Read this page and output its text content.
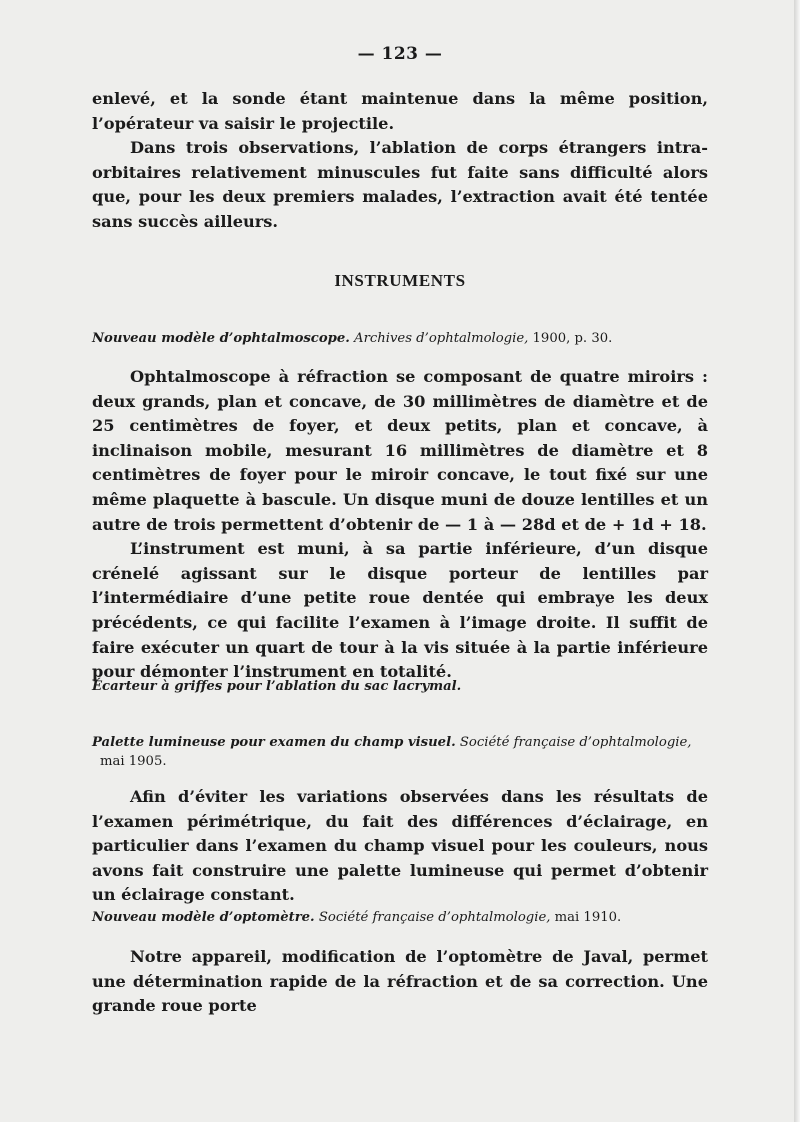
— 123 —

enlevé, et la sonde étant maintenue dans la même position, l’opérateur va saisir le projectile.

Dans trois observations, l’ablation de corps étrangers intra-orbitaires relativement minuscules fut faite sans difficulté alors que, pour les deux premiers malades, l’extraction avait été tentée sans succès ailleurs.

INSTRUMENTS
Nouveau modèle d’ophtalmoscope. Archives d’ophtalmologie, 1900, p. 30.

Ophtalmoscope à réfraction se composant de quatre miroirs : deux grands, plan et concave, de 30 millimètres de diamètre et de 25 centimètres de foyer, et deux petits, plan et concave, à inclinaison mobile, mesurant 16 millimètres de diamètre et 8 centimètres de foyer pour le miroir concave, le tout fixé sur une même plaquette à bascule. Un disque muni de douze lentilles et un autre de trois permettent d’obtenir de — 1 à — 28d et de + 1d + 18.

L’instrument est muni, à sa partie inférieure, d’un disque crénelé agissant sur le disque porteur de lentilles par l’intermédiaire d’une petite roue dentée qui embraye les deux précédents, ce qui facilite l’examen à l’image droite. Il suffit de faire exécuter un quart de tour à la vis située à la partie inférieure pour démonter l’instrument en totalité.

Écarteur à griffes pour l’ablation du sac lacrymal.
Palette lumineuse pour examen du champ visuel. Société française d’ophtalmologie,
mai 1905.

Afin d’éviter les variations observées dans les résultats de l’examen périmétrique, du fait des différences d’éclairage, en particulier dans l’examen du champ visuel pour les couleurs, nous avons fait construire une palette lumineuse qui permet d’obtenir un éclairage constant.

Nouveau modèle d’optomètre. Société française d’ophtalmologie, mai 1910.

Notre appareil, modification de l’optomètre de Javal, permet une détermination rapide de la réfraction et de sa correction. Une grande roue porte
